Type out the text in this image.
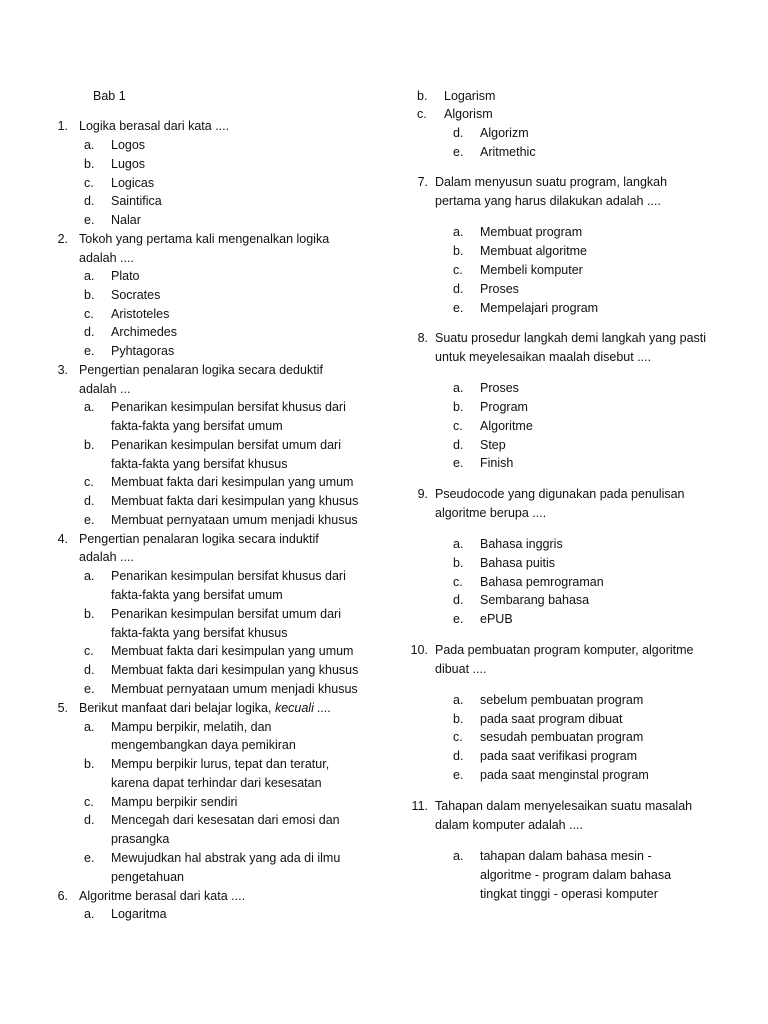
Bab 1
1. Logika berasal dari kata ....
a. Logos
b. Lugos
c. Logicas
d. Saintifica
e. Nalar
2. Tokoh yang pertama kali mengenalkan logika
adalah ....
a. Plato
b. Socrates
c. Aristoteles
d. Archimedes
e. Pyhtagoras
3. Pengertian penalaran logika secara deduktif
adalah ...
a. Penarikan kesimpulan bersifat khusus dari
fakta-fakta yang bersifat umum
b. Penarikan kesimpulan bersifat umum dari
fakta-fakta yang bersifat khusus
c. Membuat fakta dari kesimpulan yang umum
d. Membuat fakta dari kesimpulan yang khusus
e. Membuat pernyataan umum menjadi khusus
4. Pengertian penalaran logika secara induktif
adalah ....
a. Penarikan kesimpulan bersifat khusus dari
fakta-fakta yang bersifat umum
b. Penarikan kesimpulan bersifat umum dari
fakta-fakta yang bersifat khusus
c. Membuat fakta dari kesimpulan yang umum
d. Membuat fakta dari kesimpulan yang khusus
e. Membuat pernyataan umum menjadi khusus
5. Berikut manfaat dari belajar logika, kecuali ....
a. Mampu berpikir, melatih, dan
mengembangkan daya pemikiran
b. Mempu berpikir lurus, tepat dan teratur,
karena dapat terhindar dari kesesatan
c. Mampu berpikir sendiri
d. Mencegah dari kesesatan dari emosi dan
prasangka
e. Mewujudkan hal abstrak yang ada di ilmu
pengetahuan
6. Algoritme berasal dari kata ....
a. Logaritma
b. Logarism
c. Algorism
d. Algorizm
e. Aritmethic
7. Dalam menyusun suatu program, langkah
pertama yang harus dilakukan adalah ....
a. Membuat program
b. Membuat algoritme
c. Membeli komputer
d. Proses
e. Mempelajari program
8. Suatu prosedur langkah demi langkah yang pasti
untuk meyelesaikan maalah disebut ....
a. Proses
b. Program
c. Algoritme
d. Step
e. Finish
9. Pseudocode yang digunakan pada penulisan
algoritme berupa ....
a. Bahasa inggris
b. Bahasa puitis
c. Bahasa pemrograman
d. Sembarang bahasa
e. ePUB
10. Pada pembuatan program komputer, algoritme
dibuat ....
a. sebelum pembuatan program
b. pada saat program dibuat
c. sesudah pembuatan program
d. pada saat verifikasi program
e. pada saat menginstal program
11. Tahapan dalam menyelesaikan suatu masalah
dalam komputer adalah ....
a. tahapan dalam bahasa mesin -
algoritme - program dalam bahasa
tingkat tinggi - operasi komputer
